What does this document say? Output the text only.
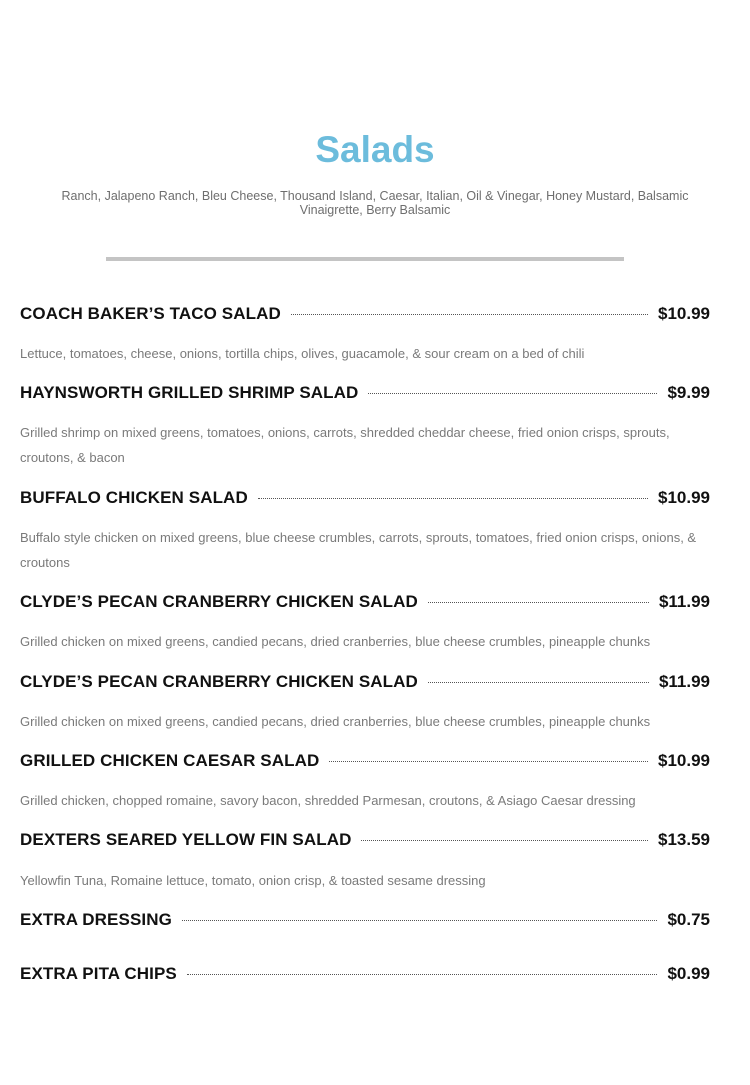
Salads

Ranch, Jalapeno Ranch, Bleu Cheese, Thousand Island, Caesar, Italian, Oil & Vinegar, Honey Mustard, Balsamic Vinaigrette, Berry Balsamic

COACH BAKER’S TACO SALAD	$10.99

Lettuce, tomatoes, cheese, onions, tortilla chips, olives, guacamole, & sour cream on a bed of chili

HAYNSWORTH GRILLED SHRIMP SALAD	$9.99

Grilled shrimp on mixed greens, tomatoes, onions, carrots, shredded cheddar cheese, fried onion crisps, sprouts, croutons, & bacon

BUFFALO CHICKEN SALAD	$10.99

Buffalo style chicken on mixed greens, blue cheese crumbles, carrots, sprouts, tomatoes, fried onion crisps, onions, & croutons

CLYDE’S PECAN CRANBERRY CHICKEN SALAD	$11.99

Grilled chicken on mixed greens, candied pecans, dried cranberries, blue cheese crumbles, pineapple chunks

CLYDE’S PECAN CRANBERRY CHICKEN SALAD	$11.99

Grilled chicken on mixed greens, candied pecans, dried cranberries, blue cheese crumbles, pineapple chunks

GRILLED CHICKEN CAESAR SALAD	$10.99

Grilled chicken, chopped romaine, savory bacon, shredded Parmesan, croutons, & Asiago Caesar dressing

DEXTERS SEARED YELLOW FIN SALAD	$13.59

Yellowfin Tuna, Romaine lettuce, tomato, onion crisp, & toasted sesame dressing

EXTRA DRESSING	$0.75
EXTRA PITA CHIPS	$0.99
